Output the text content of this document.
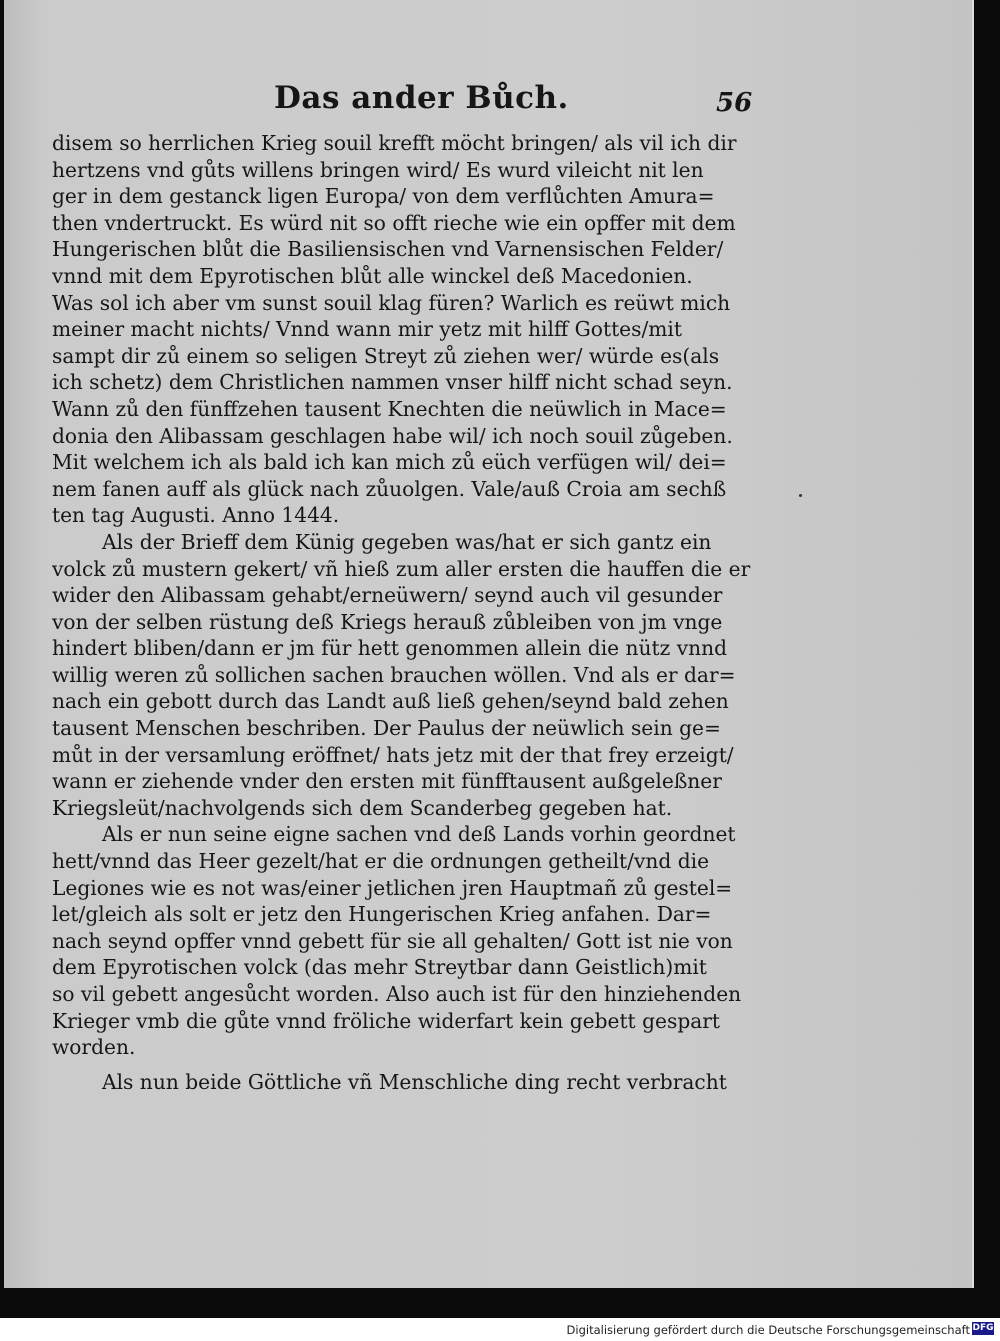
Das ander Bůch.	56
disem so herrlichen Krieg souil krefft möcht bringen/ als vil ich dir
hertzens vnd gůts willens bringen wird/ Es wurd vileicht nit len
ger in dem gestanck ligen Europa/ von dem verflůchten Amura=
then vndertruckt. Es würd nit so offt rieche wie ein opffer mit dem
Hungerischen blůt die Basiliensischen vnd Varnensischen Felder/
vnnd mit dem Epyrotischen blůt alle winckel deß Macedonien.
Was sol ich aber vm sunst souil klag füren? Warlich es reüwt mich
meiner macht nichts/ Vnnd wann mir yetz mit hilff Gottes/mit
sampt dir zů einem so seligen Streyt zů ziehen wer/ würde es(als
ich schetz) dem Christlichen nammen vnser hilff nicht schad seyn.
Wann zů den fünffzehen tausent Knechten die neüwlich in Mace=
donia den Alibassam geschlagen habe wil/ ich noch souil zůgeben.
Mit welchem ich als bald ich kan mich zů eüch verfügen wil/ dei=
nem fanen auff als glück nach zůuolgen. Vale/auß Croia am sechß
ten tag Augusti. Anno 1444.
Als der Brieff dem Künig gegeben was/hat er sich gantz ein
volck zů mustern gekert/ vñ hieß zum aller ersten die hauffen die er
wider den Alibassam gehabt/erneüwern/ seynd auch vil gesunder
von der selben rüstung deß Kriegs herauß zůbleiben von jm vnge
hindert bliben/dann er jm für hett genommen allein die nütz vnnd
willig weren zů sollichen sachen brauchen wöllen. Vnd als er dar=
nach ein gebott durch das Landt auß ließ gehen/seynd bald zehen
tausent Menschen beschriben. Der Paulus der neüwlich sein ge=
můt in der versamlung eröffnet/ hats jetz mit der that frey erzeigt/
wann er ziehende vnder den ersten mit fünfftausent außgeleßner
Kriegsleüt/nachvolgends sich dem Scanderbeg gegeben hat.
Als er nun seine eigne sachen vnd deß Lands vorhin geordnet
hett/vnnd das Heer gezelt/hat er die ordnungen getheilt/vnd die
Legiones wie es not was/einer jetlichen jren Hauptmañ zů gestel=
let/gleich als solt er jetz den Hungerischen Krieg anfahen. Dar=
nach seynd opffer vnnd gebett für sie all gehalten/ Gott ist nie von
dem Epyrotischen volck (das mehr Streytbar dann Geistlich)mit
so vil gebett angesůcht worden. Also auch ist für den hinziehenden
Krieger vmb die gůte vnnd fröliche widerfart kein gebett gespart
worden.
Als nun beide Göttliche vñ Menschliche ding recht verbracht
Digitalisierung gefördert durch die Deutsche Forschungsgemeinschaft DFG
